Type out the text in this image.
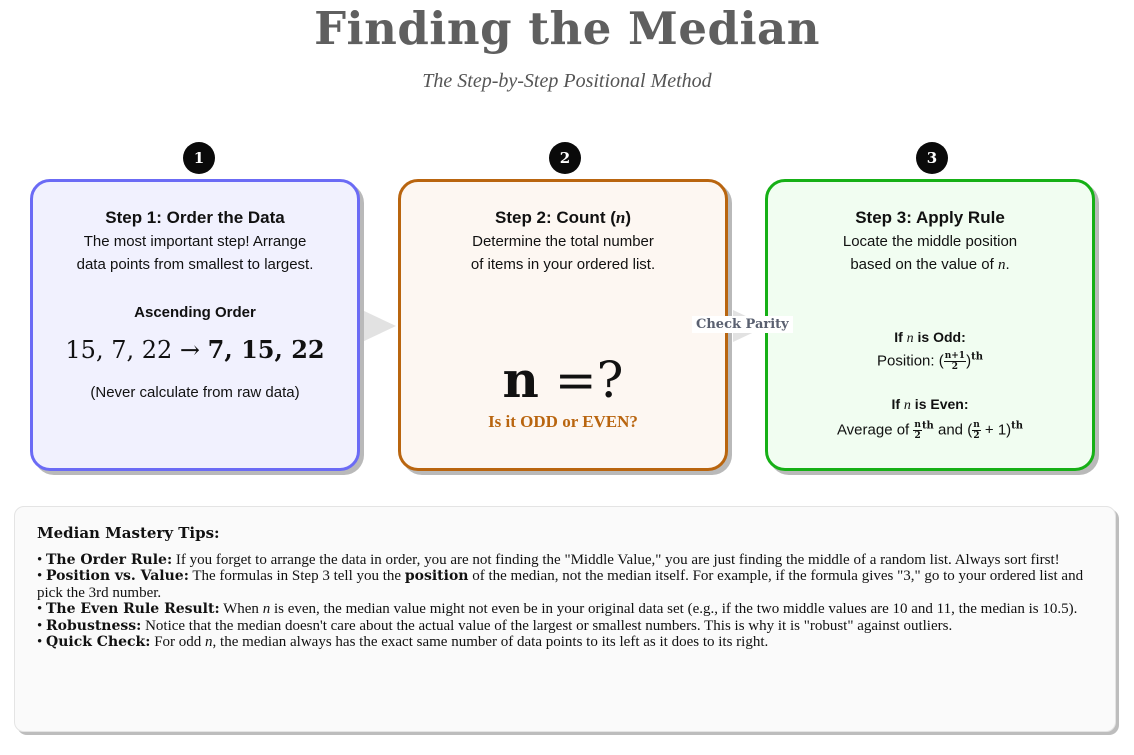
Finding the Median
The Step-by-Step Positional Method
1	2	3
Step 1: Order the Data
The most important step! Arrange
data points from smallest to largest.
Ascending Order
15, 7, 22 → 7, 15, 22
(Never calculate from raw data)
Step 2: Count (n)
Determine the total number
of items in your ordered list.
n =?
Is it ODD or EVEN?
Step 3: Apply Rule
Locate the middle position
based on the value of n.
If n is Odd:
Position: ( $\frac{n+1}{2} )^{th}$
If n is Even:
Average of $\frac{n}{2} ^{th}$ and ( $\frac{n}{2} + 1)^{th}$
Check Parity
Median Mastery Tips:

• The Order Rule: If you forget to arrange the data in order, you are not finding the "Middle Value," you are just finding the middle of a random list. Always sort first!

• Position vs. Value: The formulas in Step 3 tell you the position of the median, not the median itself. For example, if the formula gives "3," go to your ordered list and pick the 3rd number.

• The Even Rule Result: When n is even, the median value might not even be in your original data set (e.g., if the two middle values are 10 and 11, the median is 10.5).

• Robustness: Notice that the median doesn't care about the actual value of the largest or smallest numbers. This is why it is "robust" against outliers.

• Quick Check: For odd n, the median always has the exact same number of data points to its left as it does to its right.
